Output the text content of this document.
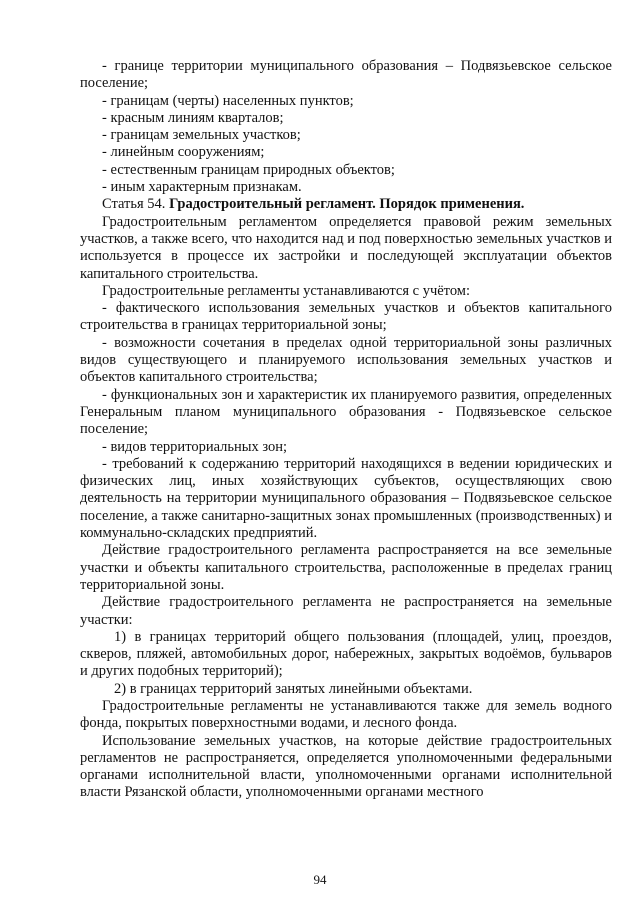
- границе территории муниципального образования – Подвязьевское сельское поселение;

- границам (черты) населенных пунктов;

- красным линиям кварталов;

- границам земельных участков;

- линейным сооружениям;

- естественным границам природных объектов;

- иным характерным признакам.

Статья 54. Градостроительный регламент. Порядок применения.

Градостроительным регламентом определяется правовой режим земельных участков, а также всего, что находится над и под поверхностью земельных участков и используется в процессе их застройки и последующей эксплуатации объектов капитального строительства.

Градостроительные регламенты устанавливаются с учётом:

- фактического использования земельных участков и объектов капитального строительства в границах территориальной зоны;

- возможности сочетания в пределах одной территориальной зоны различных видов существующего и планируемого использования земельных участков и объектов капитального строительства;

- функциональных зон и характеристик их планируемого развития, определенных Генеральным планом муниципального образования - Подвязьевское сельское поселение;

- видов территориальных зон;

- требований к содержанию территорий находящихся в ведении юридических и физических лиц, иных хозяйствующих субъектов, осуществляющих свою деятельность на территории муниципального образования – Подвязьевское сельское поселение, а также санитарно-защитных зонах промышленных (производственных) и коммунально-складских предприятий.

Действие градостроительного регламента распространяется на все земельные участки и объекты капитального строительства, расположенные в пределах границ территориальной зоны.

Действие градостроительного регламента не распространяется на земельные участки:

1) в границах территорий общего пользования (площадей, улиц, проездов, скверов, пляжей, автомобильных дорог, набережных, закрытых водоёмов, бульваров и других подобных территорий);

2) в границах территорий занятых линейными объектами.

Градостроительные регламенты не устанавливаются также для земель водного фонда, покрытых поверхностными водами, и лесного фонда.

Использование земельных участков, на которые действие градостроительных регламентов не распространяется, определяется уполномоченными федеральными органами исполнительной власти, уполномоченными органами исполнительной власти Рязанской области, уполномоченными органами местного

94
